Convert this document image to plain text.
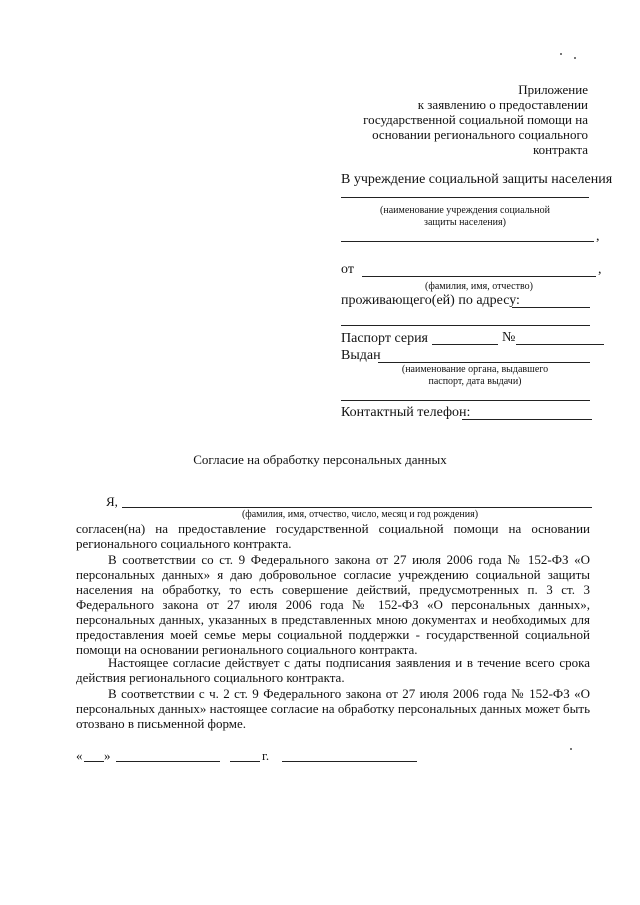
Приложение
к заявлению о предоставлении
государственной социальной помощи на
основании регионального социального
контракта
В учреждение социальной защиты населения
(наименование учреждения социальной
защиты населения)
,
от	,
(фамилия, имя, отчество)
проживающего(ей) по адресу:
Паспорт серия	№
Выдан
(наименование органа, выдавшего
паспорт, дата выдачи)
Контактный телефон:
Согласие на обработку персональных данных
Я,
(фамилия, имя, отчество, число, месяц и год рождения)

согласен(на) на предоставление государственной социальной помощи на основании регионального социального контракта.

В соответствии со ст. 9 Федерального закона от 27 июля 2006 года № 152-ФЗ «О персональных данных» я даю добровольное согласие учреждению социальной защиты населения на обработку, то есть совершение действий, предусмотренных п. 3 ст. 3 Федерального закона от 27 июля 2006 года № 152-ФЗ «О персональных данных», персональных данных, указанных в представленных мною документах и необходимых для предоставления моей семье меры социальной поддержки - государственной социальной помощи на основании регионального социального контракта.

Настоящее согласие действует с даты подписания заявления и в течение всего срока действия регионального социального контракта.

В соответствии с ч. 2 ст. 9 Федерального закона от 27 июля 2006 года № 152-ФЗ «О персональных данных» настоящее согласие на обработку персональных данных может быть отозвано в письменной форме.

« »	г.
